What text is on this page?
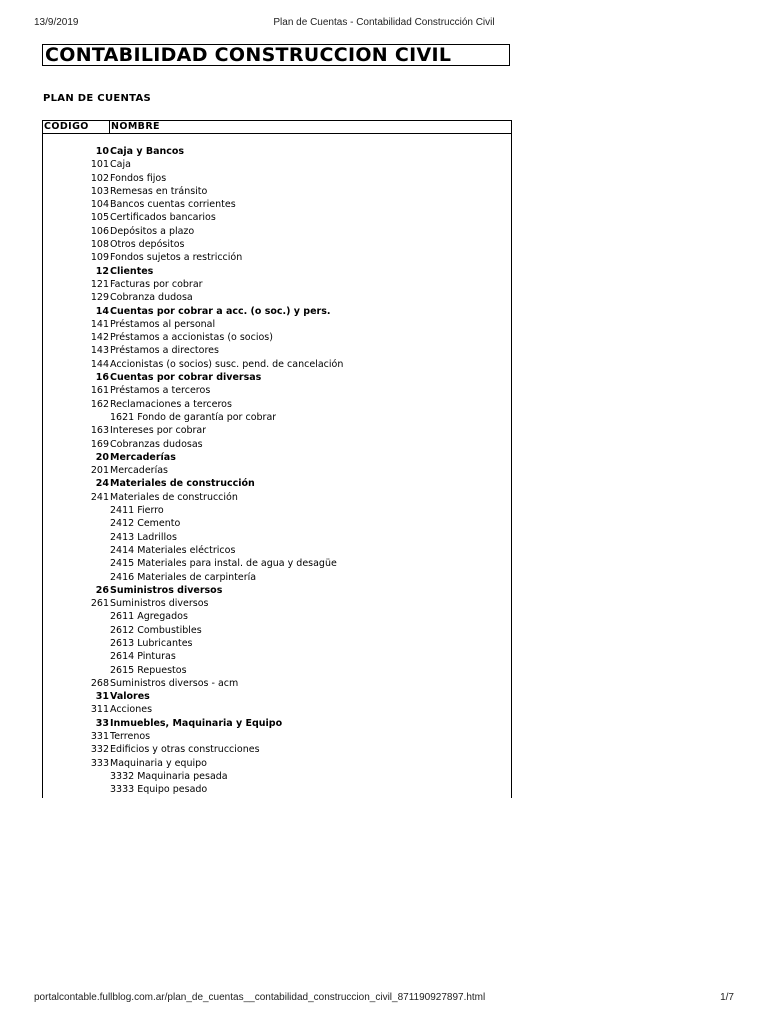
13/9/2019	Plan de Cuentas - Contabilidad Construcción Civil
CONTABILIDAD CONSTRUCCION CIVIL
PLAN DE CUENTAS
CODIGO NOMBRE
10 Caja y Bancos
101 Caja
102 Fondos fijos
103 Remesas en tránsito
104 Bancos cuentas corrientes
105 Certificados bancarios
106 Depósitos a plazo
108 Otros depósitos
109 Fondos sujetos a restricción
12 Clientes
121 Facturas por cobrar
129 Cobranza dudosa
14 Cuentas por cobrar a acc. (o soc.) y pers.
141 Préstamos al personal
142 Préstamos a accionistas (o socios)
143 Préstamos a directores
144 Accionistas (o socios) susc. pend. de cancelación
16 Cuentas por cobrar diversas
161 Préstamos a terceros
162 Reclamaciones a terceros
1621 Fondo de garantía por cobrar
163 Intereses por cobrar
169 Cobranzas dudosas
20 Mercaderías
201 Mercaderías
24 Materiales de construcción
241 Materiales de construcción
2411 Fierro
2412 Cemento
2413 Ladrillos
2414 Materiales eléctricos
2415 Materiales para instal. de agua y desagüe
2416 Materiales de carpintería
26 Suministros diversos
261 Suministros diversos
2611 Agregados
2612 Combustibles
2613 Lubricantes
2614 Pinturas
2615 Repuestos
268 Suministros diversos - acm
31 Valores
311 Acciones
33 Inmuebles, Maquinaria y Equipo
331 Terrenos
332 Edificios y otras construcciones
333 Maquinaria y equipo
3332 Maquinaria pesada
3333 Equipo pesado
portalcontable.fullblog.com.ar/plan_de_cuentas__contabilidad_construccion_civil_871190927897.html	1/7
